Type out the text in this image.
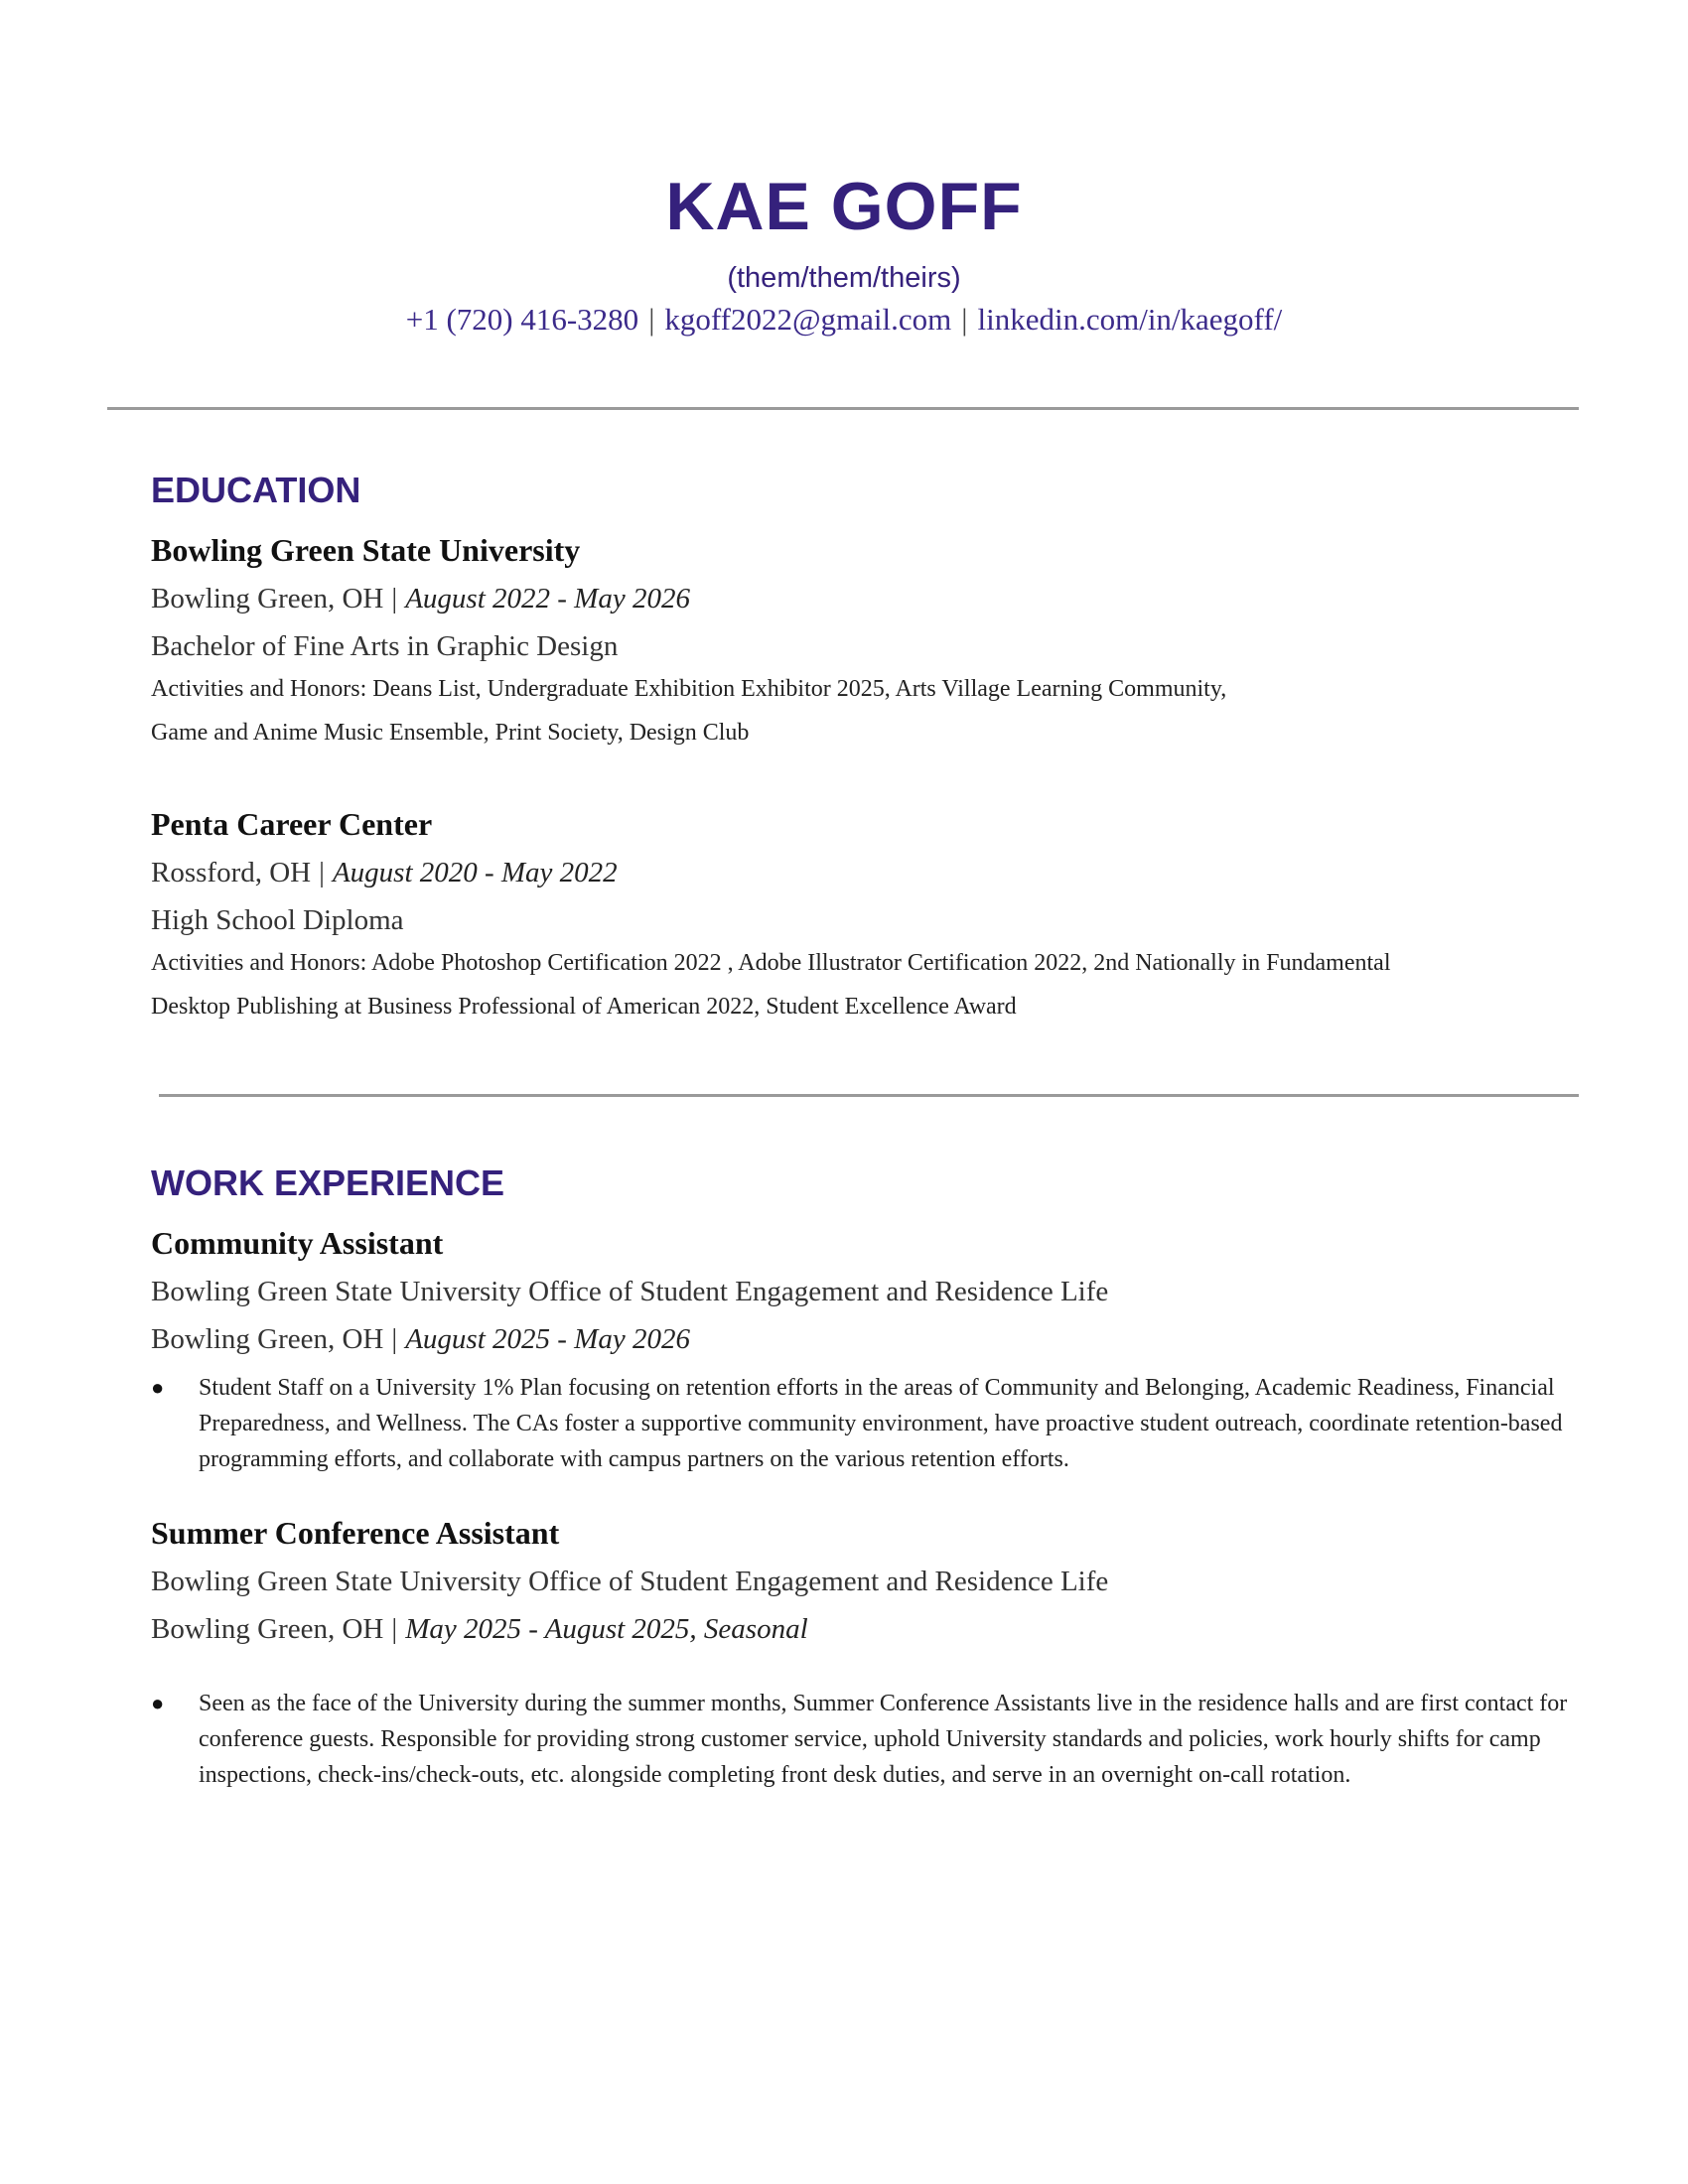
KAE GOFF
(them/them/theirs)
+1 (720) 416-3280 | kgoff2022@gmail.com | linkedin.com/in/kaegoff/
EDUCATION
Bowling Green State University
Bowling Green, OH | August 2022 - May 2026
Bachelor of Fine Arts in Graphic Design
Activities and Honors: Deans List, Undergraduate Exhibition Exhibitor 2025, Arts Village Learning Community,
Game and Anime Music Ensemble, Print Society, Design Club
Penta Career Center
Rossford, OH | August 2020 - May 2022
High School Diploma
Activities and Honors: Adobe Photoshop Certification 2022 , Adobe Illustrator Certification 2022, 2nd Nationally in Fundamental
Desktop Publishing at Business Professional of American 2022, Student Excellence Award
WORK EXPERIENCE
Community Assistant
Bowling Green State University Office of Student Engagement and Residence Life
Bowling Green, OH | August 2025 - May 2026
● Student Staff on a University 1% Plan focusing on retention efforts in the areas of Community and Belonging, Academic Readiness, Financial Preparedness, and Wellness. The CAs foster a supportive community environment, have proactive student outreach, coordinate retention-based programming efforts, and collaborate with campus partners on the various retention efforts.
Summer Conference Assistant
Bowling Green State University Office of Student Engagement and Residence Life
Bowling Green, OH | May 2025 - August 2025, Seasonal
● Seen as the face of the University during the summer months, Summer Conference Assistants live in the residence halls and are first contact for conference guests. Responsible for providing strong customer service, uphold University standards and policies, work hourly shifts for camp inspections, check-ins/check-outs, etc. alongside completing front desk duties, and serve in an overnight on-call rotation.
